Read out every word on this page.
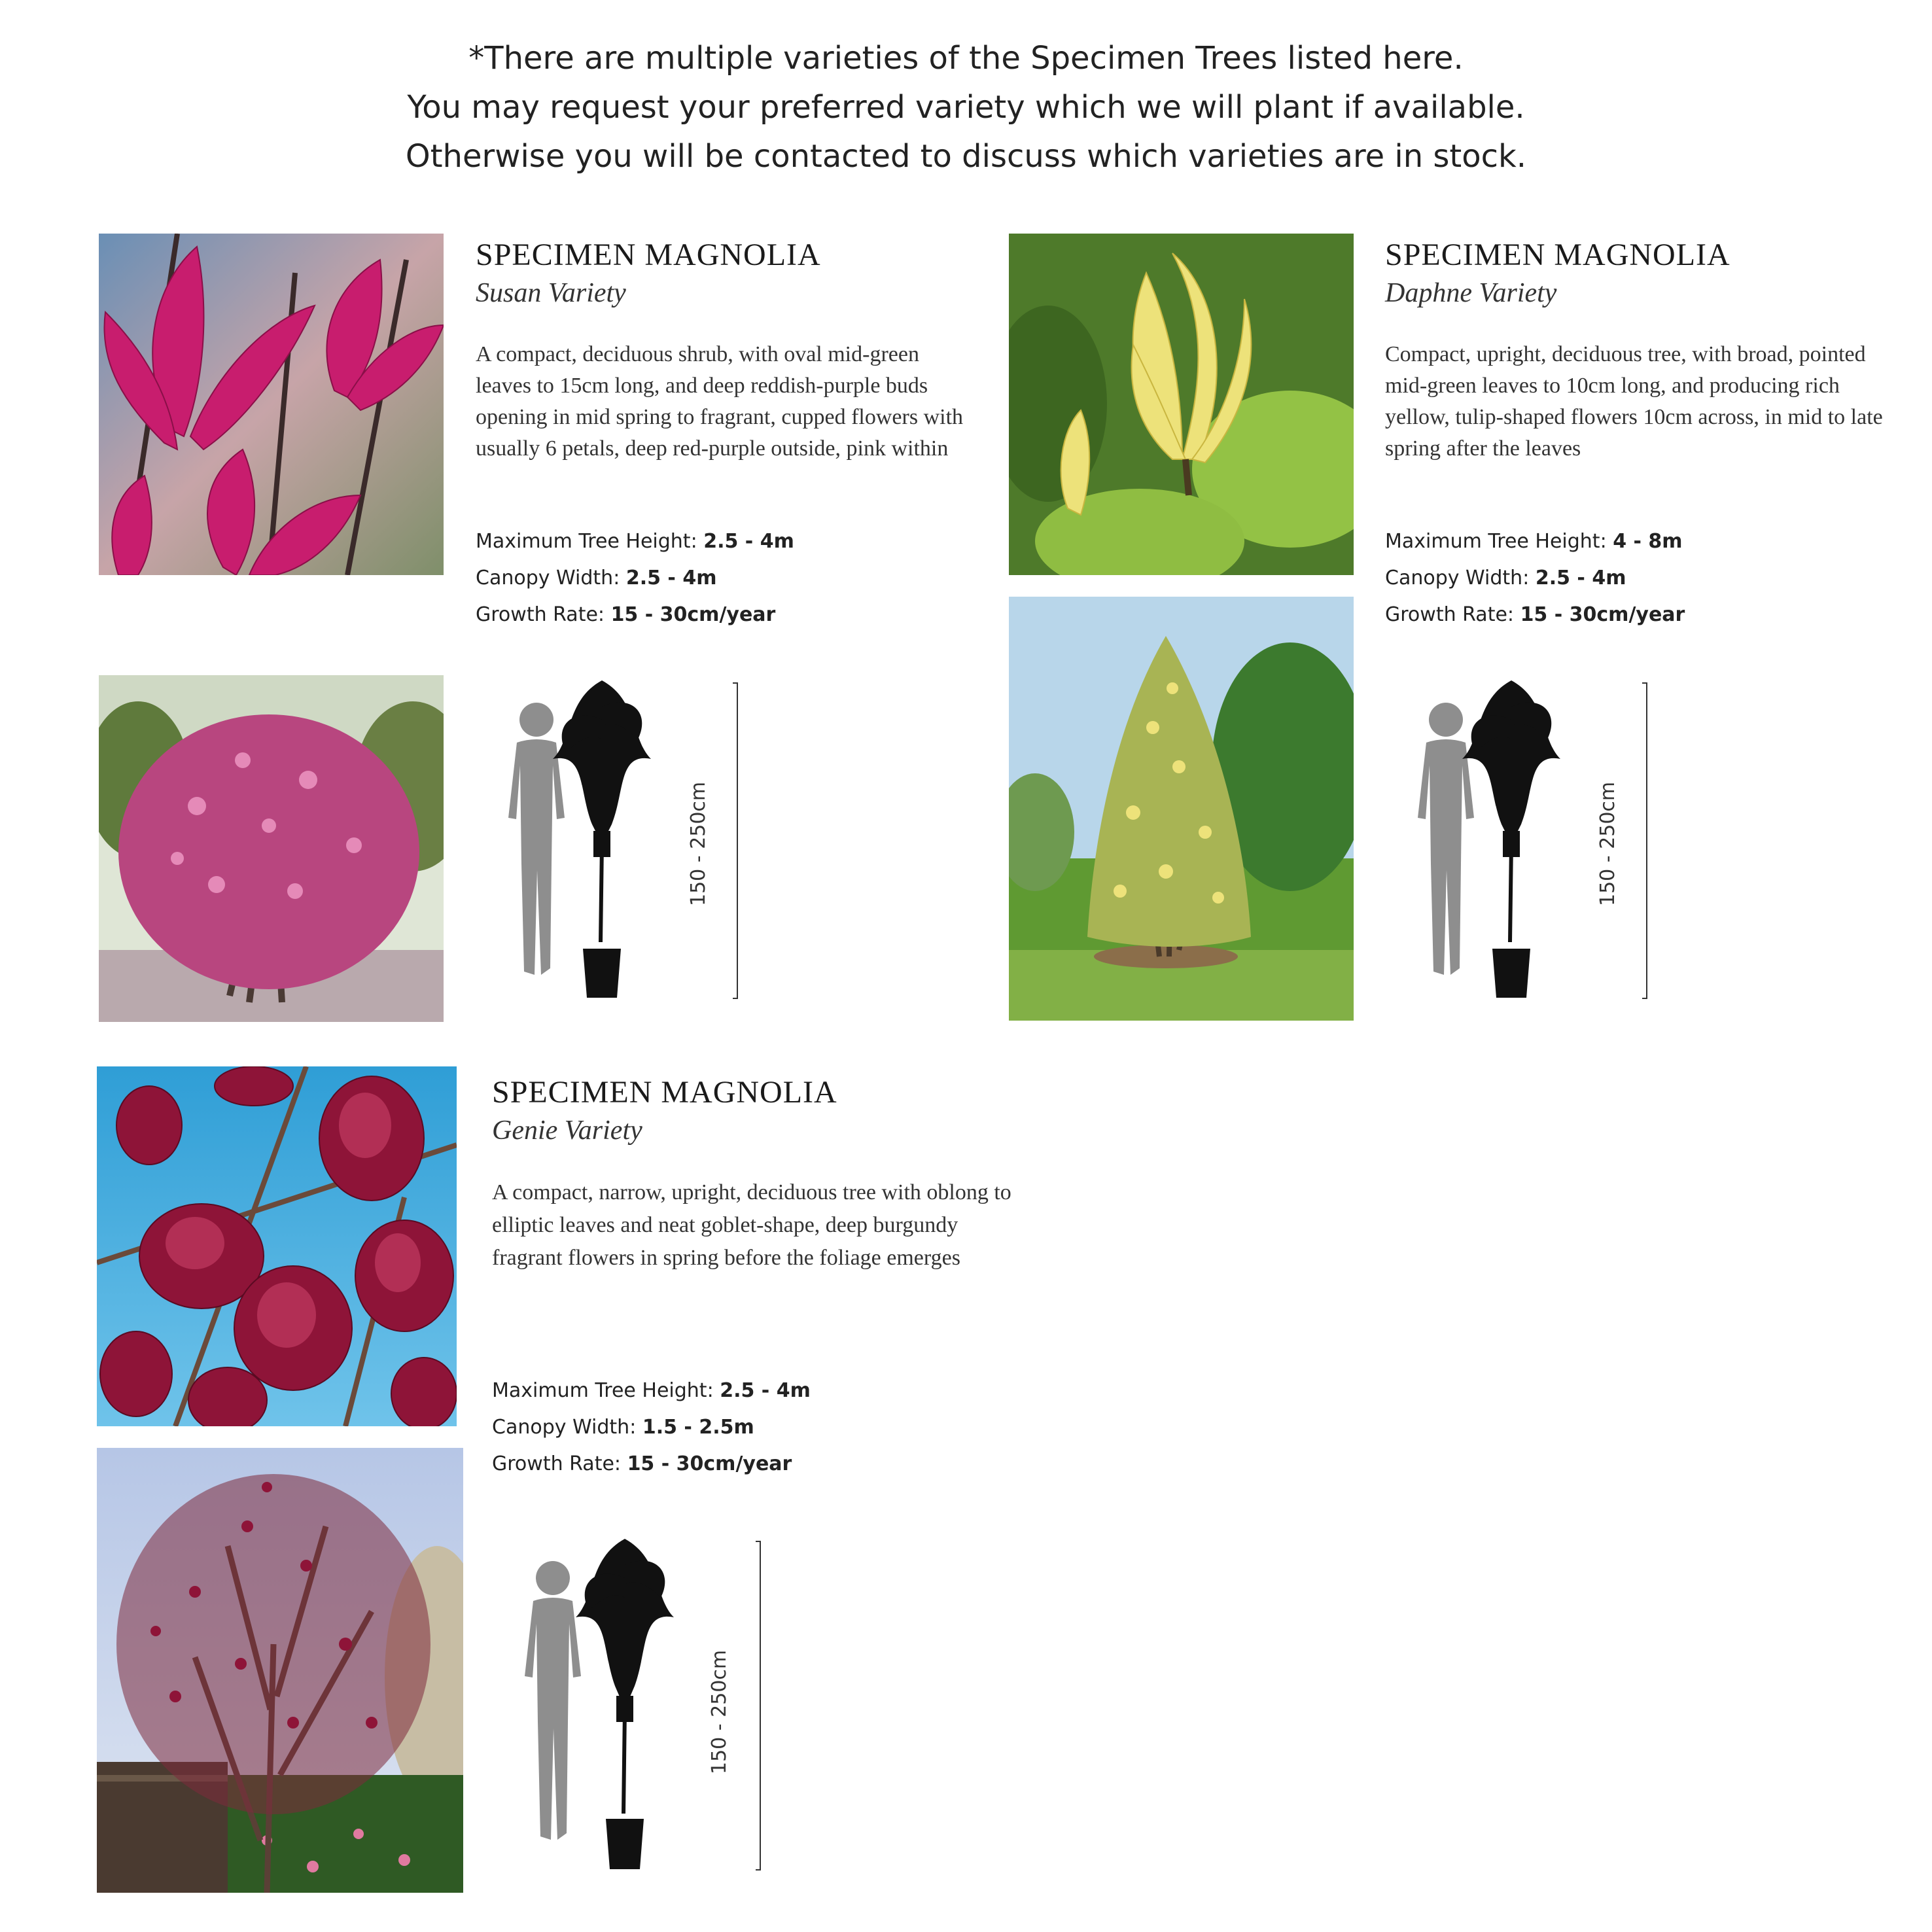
*There are multiple varieties of the Specimen Trees listed here.
You may request your preferred variety which we will plant if available.
Otherwise you will be contacted to discuss which varieties are in stock.
SPECIMEN MAGNOLIA
Susan Variety
A compact, deciduous shrub, with oval mid-green leaves to 15cm long, and deep reddish-purple buds opening in mid spring to fragrant, cupped flowers with usually 6 petals, deep red-purple outside, pink within
Maximum Tree Height: 2.5 - 4m
Canopy Width: 2.5 - 4m
Growth Rate: 15 - 30cm/year
150 - 250cm
SPECIMEN MAGNOLIA
Daphne Variety
Compact, upright, deciduous tree, with broad, pointed mid-green leaves to 10cm long, and producing rich yellow, tulip-shaped flowers 10cm across, in mid to late spring after the leaves
Maximum Tree Height: 4 - 8m
Canopy Width: 2.5 - 4m
Growth Rate: 15 - 30cm/year
150 - 250cm
SPECIMEN MAGNOLIA
Genie Variety
A compact, narrow, upright, deciduous tree with oblong to elliptic leaves and neat goblet-shape, deep burgundy fragrant flowers in spring before the foliage emerges
Maximum Tree Height: 2.5 - 4m
Canopy Width: 1.5 - 2.5m
Growth Rate: 15 - 30cm/year
150 - 250cm
